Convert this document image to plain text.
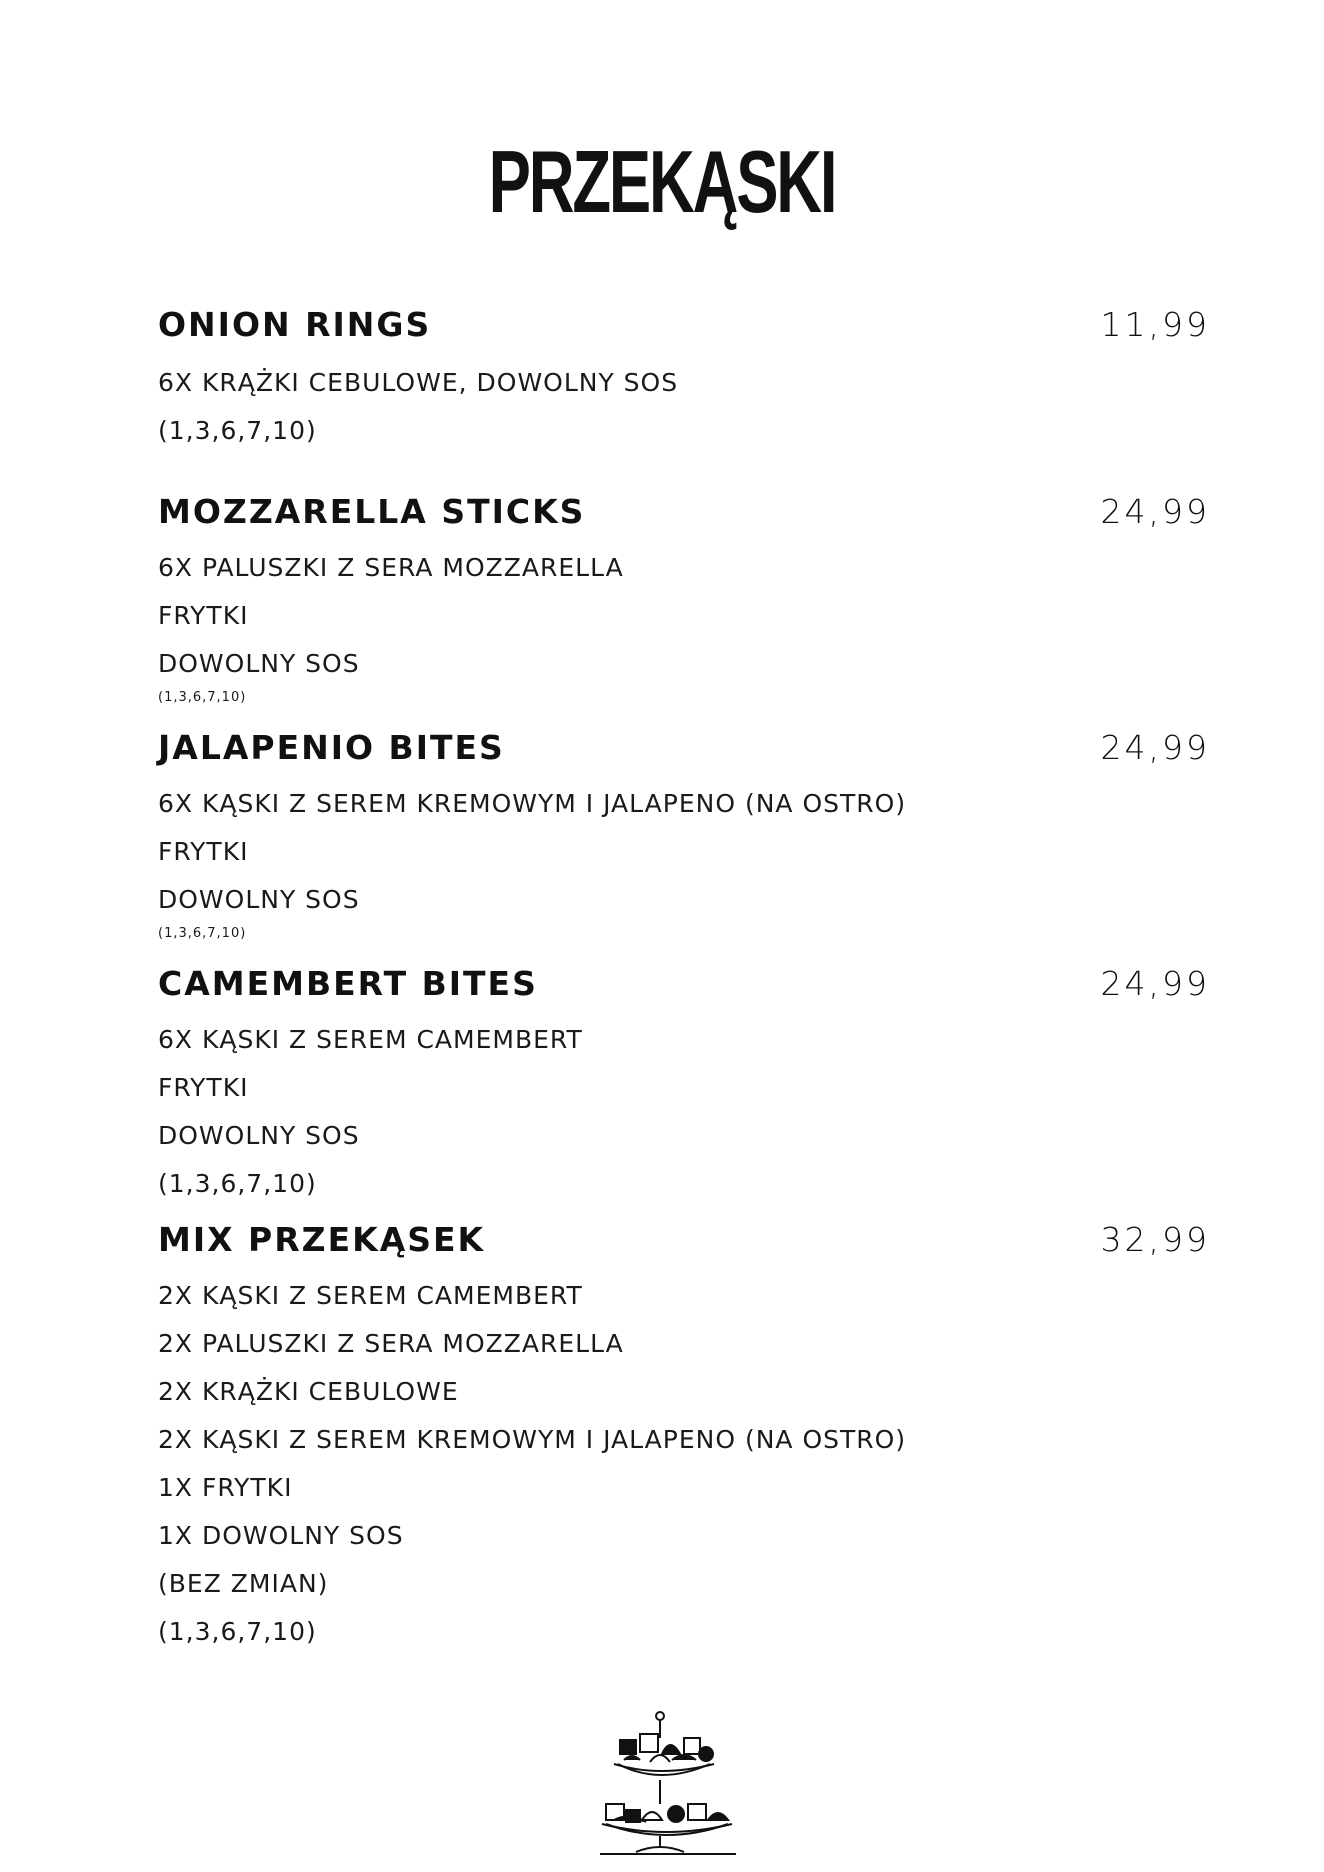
PRZEKĄSKI

ONION RINGS	11,99

6X KRĄŻKI CEBULOWE, DOWOLNY SOS

(1,3,6,7,10)

MOZZARELLA STICKS	24,99

6X PALUSZKI Z SERA MOZZARELLA

FRYTKI

DOWOLNY SOS

(1,3,6,7,10)

JALAPENIO BITES	24,99

6X KĄSKI Z SEREM KREMOWYM I JALAPENO (NA OSTRO)

FRYTKI

DOWOLNY SOS

(1,3,6,7,10)

CAMEMBERT BITES	24,99

6X KĄSKI Z SEREM CAMEMBERT

FRYTKI

DOWOLNY SOS

(1,3,6,7,10)

MIX PRZEKĄSEK	32,99

2X KĄSKI Z SEREM CAMEMBERT

2X PALUSZKI Z SERA MOZZARELLA

2X KRĄŻKI CEBULOWE

2X KĄSKI Z SEREM KREMOWYM I JALAPENO (NA OSTRO)

1X FRYTKI

1X DOWOLNY SOS

(BEZ ZMIAN)

(1,3,6,7,10)
